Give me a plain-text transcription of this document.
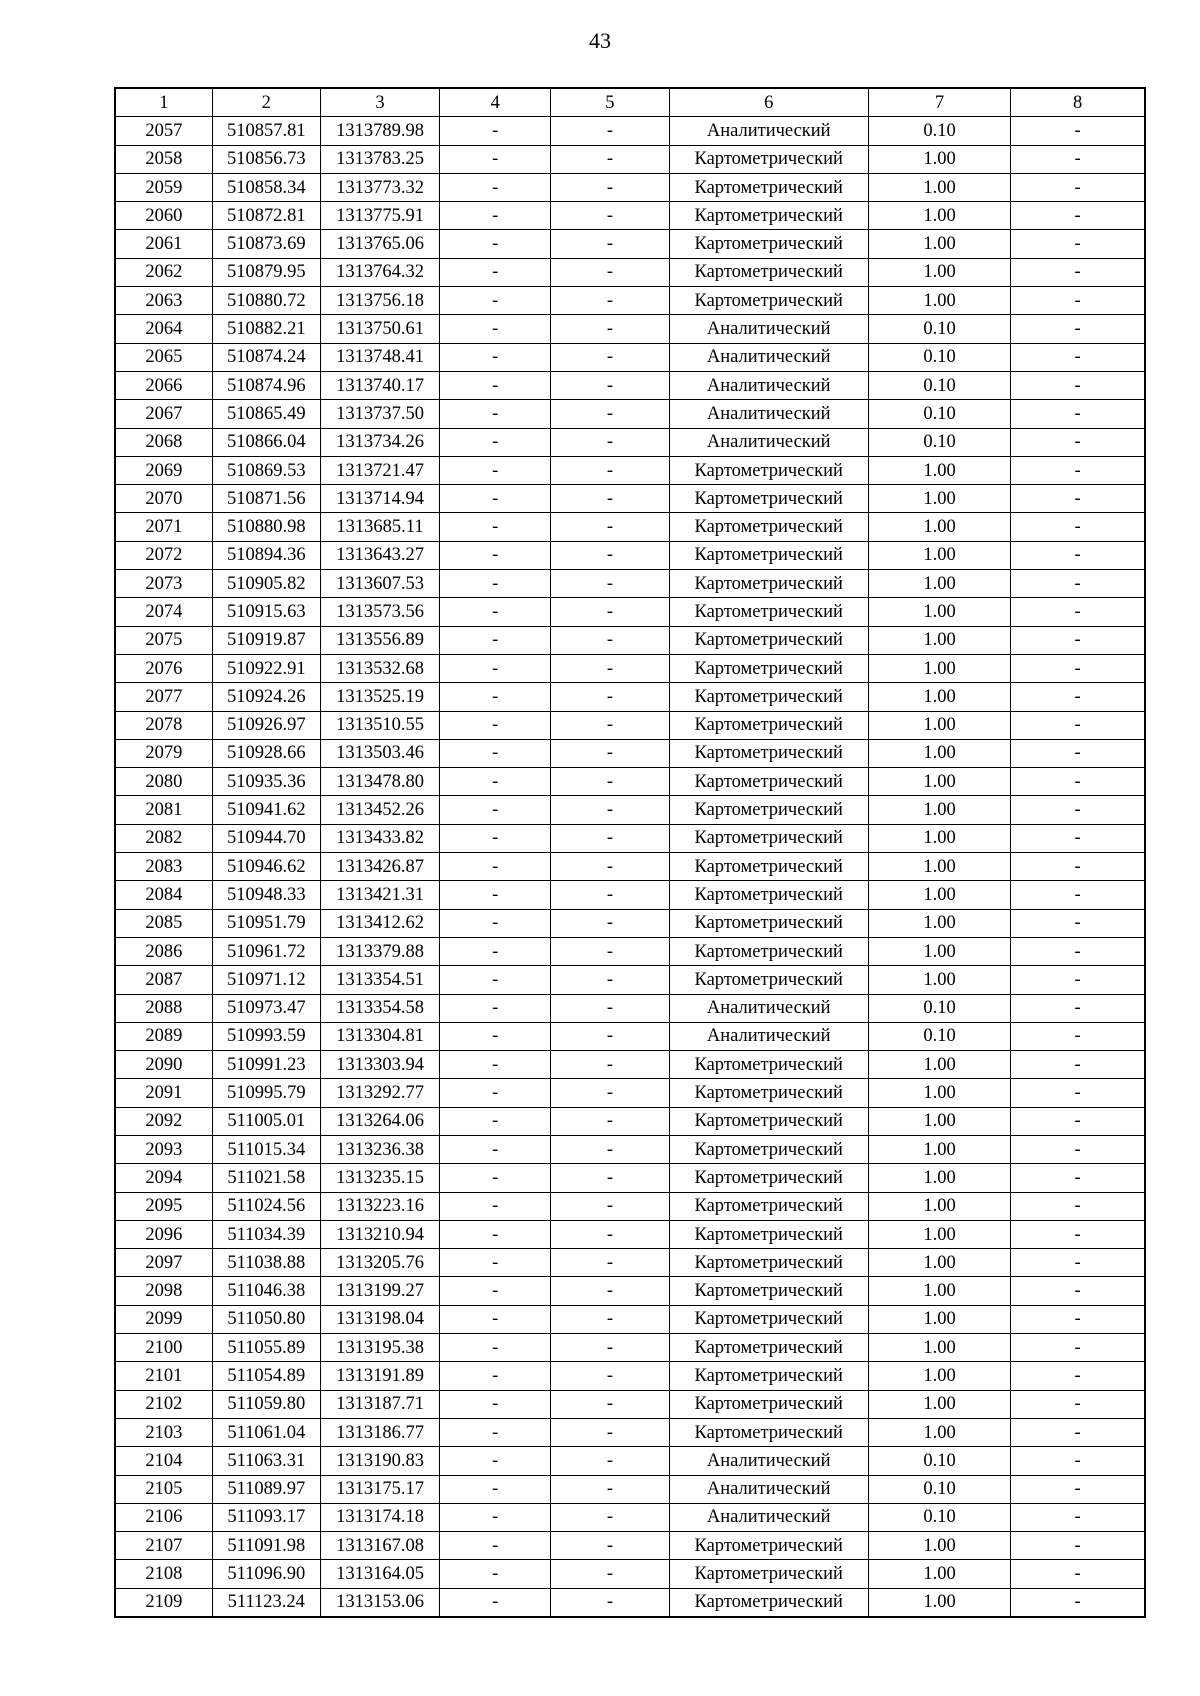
43
1	2	3	4	5	6	7	8
2057	510857.81	1313789.98	-	-	Аналитический	0.10	-
2058	510856.73	1313783.25	-	-	Картометрический	1.00	-
2059	510858.34	1313773.32	-	-	Картометрический	1.00	-
2060	510872.81	1313775.91	-	-	Картометрический	1.00	-
2061	510873.69	1313765.06	-	-	Картометрический	1.00	-
2062	510879.95	1313764.32	-	-	Картометрический	1.00	-
2063	510880.72	1313756.18	-	-	Картометрический	1.00	-
2064	510882.21	1313750.61	-	-	Аналитический	0.10	-
2065	510874.24	1313748.41	-	-	Аналитический	0.10	-
2066	510874.96	1313740.17	-	-	Аналитический	0.10	-
2067	510865.49	1313737.50	-	-	Аналитический	0.10	-
2068	510866.04	1313734.26	-	-	Аналитический	0.10	-
2069	510869.53	1313721.47	-	-	Картометрический	1.00	-
2070	510871.56	1313714.94	-	-	Картометрический	1.00	-
2071	510880.98	1313685.11	-	-	Картометрический	1.00	-
2072	510894.36	1313643.27	-	-	Картометрический	1.00	-
2073	510905.82	1313607.53	-	-	Картометрический	1.00	-
2074	510915.63	1313573.56	-	-	Картометрический	1.00	-
2075	510919.87	1313556.89	-	-	Картометрический	1.00	-
2076	510922.91	1313532.68	-	-	Картометрический	1.00	-
2077	510924.26	1313525.19	-	-	Картометрический	1.00	-
2078	510926.97	1313510.55	-	-	Картометрический	1.00	-
2079	510928.66	1313503.46	-	-	Картометрический	1.00	-
2080	510935.36	1313478.80	-	-	Картометрический	1.00	-
2081	510941.62	1313452.26	-	-	Картометрический	1.00	-
2082	510944.70	1313433.82	-	-	Картометрический	1.00	-
2083	510946.62	1313426.87	-	-	Картометрический	1.00	-
2084	510948.33	1313421.31	-	-	Картометрический	1.00	-
2085	510951.79	1313412.62	-	-	Картометрический	1.00	-
2086	510961.72	1313379.88	-	-	Картометрический	1.00	-
2087	510971.12	1313354.51	-	-	Картометрический	1.00	-
2088	510973.47	1313354.58	-	-	Аналитический	0.10	-
2089	510993.59	1313304.81	-	-	Аналитический	0.10	-
2090	510991.23	1313303.94	-	-	Картометрический	1.00	-
2091	510995.79	1313292.77	-	-	Картометрический	1.00	-
2092	511005.01	1313264.06	-	-	Картометрический	1.00	-
2093	511015.34	1313236.38	-	-	Картометрический	1.00	-
2094	511021.58	1313235.15	-	-	Картометрический	1.00	-
2095	511024.56	1313223.16	-	-	Картометрический	1.00	-
2096	511034.39	1313210.94	-	-	Картометрический	1.00	-
2097	511038.88	1313205.76	-	-	Картометрический	1.00	-
2098	511046.38	1313199.27	-	-	Картометрический	1.00	-
2099	511050.80	1313198.04	-	-	Картометрический	1.00	-
2100	511055.89	1313195.38	-	-	Картометрический	1.00	-
2101	511054.89	1313191.89	-	-	Картометрический	1.00	-
2102	511059.80	1313187.71	-	-	Картометрический	1.00	-
2103	511061.04	1313186.77	-	-	Картометрический	1.00	-
2104	511063.31	1313190.83	-	-	Аналитический	0.10	-
2105	511089.97	1313175.17	-	-	Аналитический	0.10	-
2106	511093.17	1313174.18	-	-	Аналитический	0.10	-
2107	511091.98	1313167.08	-	-	Картометрический	1.00	-
2108	511096.90	1313164.05	-	-	Картометрический	1.00	-
2109	511123.24	1313153.06	-	-	Картометрический	1.00	-
